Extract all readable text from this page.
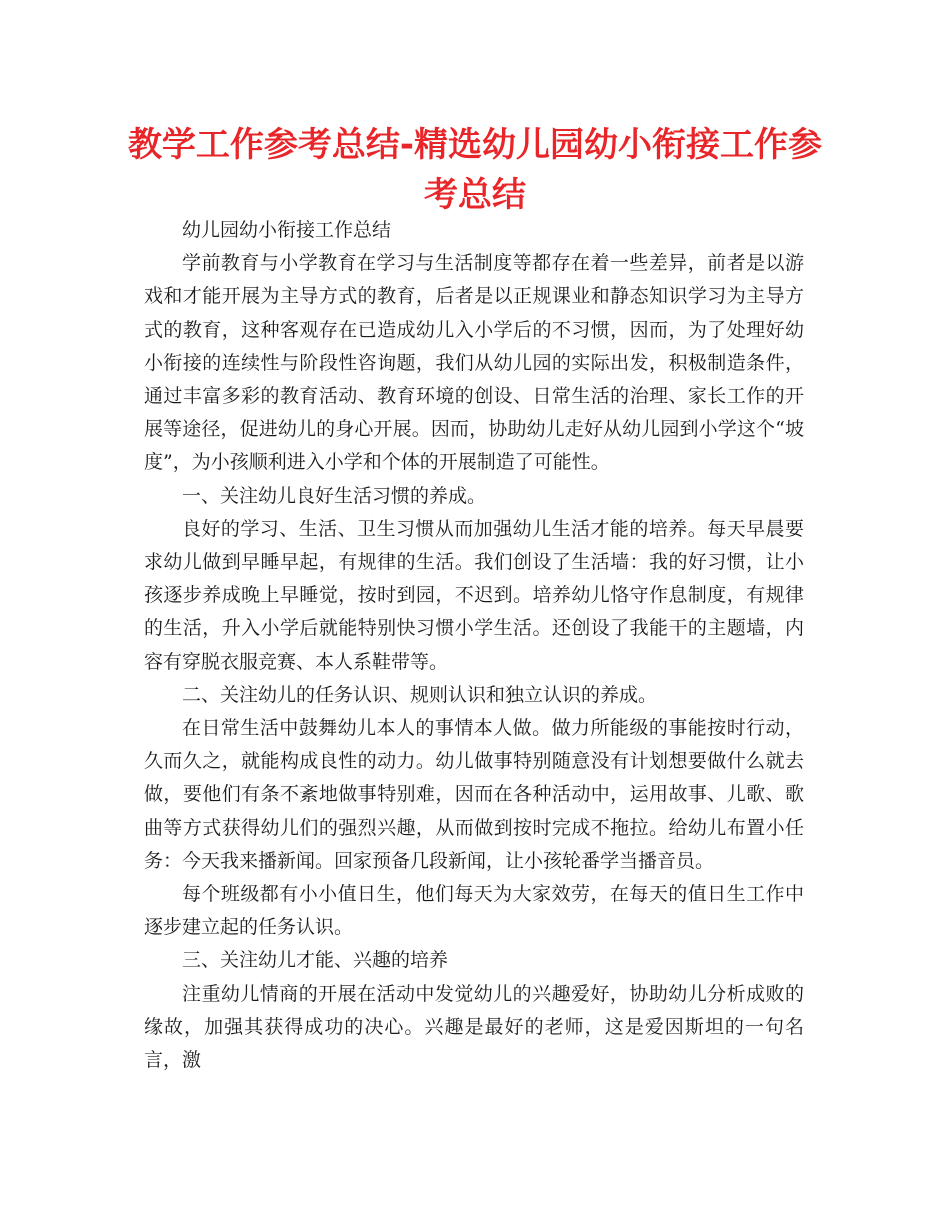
教学工作参考总结-精选幼儿园幼小衔接工作参考总结

幼儿园幼小衔接工作总结

学前教育与小学教育在学习与生活制度等都存在着一些差异，前者是以游戏和才能开展为主导方式的教育，后者是以正规课业和静态知识学习为主导方式的教育，这种客观存在已造成幼儿入小学后的不习惯，因而，为了处理好幼小衔接的连续性与阶段性咨询题，我们从幼儿园的实际出发，积极制造条件，通过丰富多彩的教育活动、教育环境的创设、日常生活的治理、家长工作的开展等途径，促进幼儿的身心开展。因而，协助幼儿走好从幼儿园到小学这个“坡度”，为小孩顺利进入小学和个体的开展制造了可能性。

一、关注幼儿良好生活习惯的养成。

良好的学习、生活、卫生习惯从而加强幼儿生活才能的培养。每天早晨要求幼儿做到早睡早起，有规律的生活。我们创设了生活墙：我的好习惯，让小孩逐步养成晚上早睡觉，按时到园，不迟到。培养幼儿恪守作息制度，有规律的生活，升入小学后就能特别快习惯小学生活。还创设了我能干的主题墙，内容有穿脱衣服竞赛、本人系鞋带等。

二、关注幼儿的任务认识、规则认识和独立认识的养成。

在日常生活中鼓舞幼儿本人的事情本人做。做力所能级的事能按时行动，久而久之，就能构成良性的动力。幼儿做事特别随意没有计划想要做什么就去做，要他们有条不紊地做事特别难，因而在各种活动中，运用故事、儿歌、歌曲等方式获得幼儿们的强烈兴趣，从而做到按时完成不拖拉。给幼儿布置小任务：今天我来播新闻。回家预备几段新闻，让小孩轮番学当播音员。

每个班级都有小小值日生，他们每天为大家效劳，在每天的值日生工作中逐步建立起的任务认识。

三、关注幼儿才能、兴趣的培养

注重幼儿情商的开展在活动中发觉幼儿的兴趣爱好，协助幼儿分析成败的缘故，加强其获得成功的决心。兴趣是最好的老师，这是爱因斯坦的一句名言，激
